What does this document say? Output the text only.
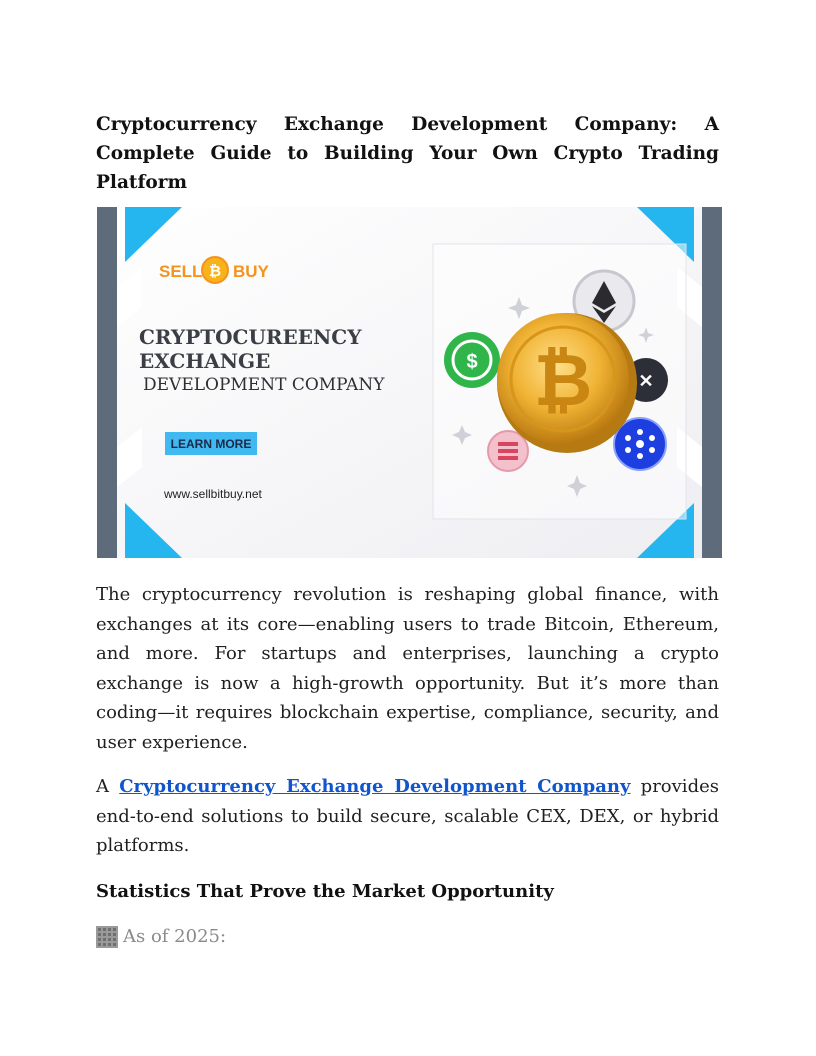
Cryptocurrency Exchange Development Company: A Complete Guide to Building Your Own Crypto Trading Platform
SELL ₿ BUY
CRYPTOCUREENCY
EXCHANGE
DEVELOPMENT COMPANY
LEARN MORE
www.sellbitbuy.net
$
✕
₿

The cryptocurrency revolution is reshaping global finance, with exchanges at its core—enabling users to trade Bitcoin, Ethereum, and more. For startups and enterprises, launching a crypto exchange is now a high-growth opportunity. But it’s more than coding—it requires blockchain expertise, compliance, security, and user experience.

A Cryptocurrency Exchange Development Company provides end-to-end solutions to build secure, scalable CEX, DEX, or hybrid platforms.

Statistics That Prove the Market Opportunity

As of 2025:
